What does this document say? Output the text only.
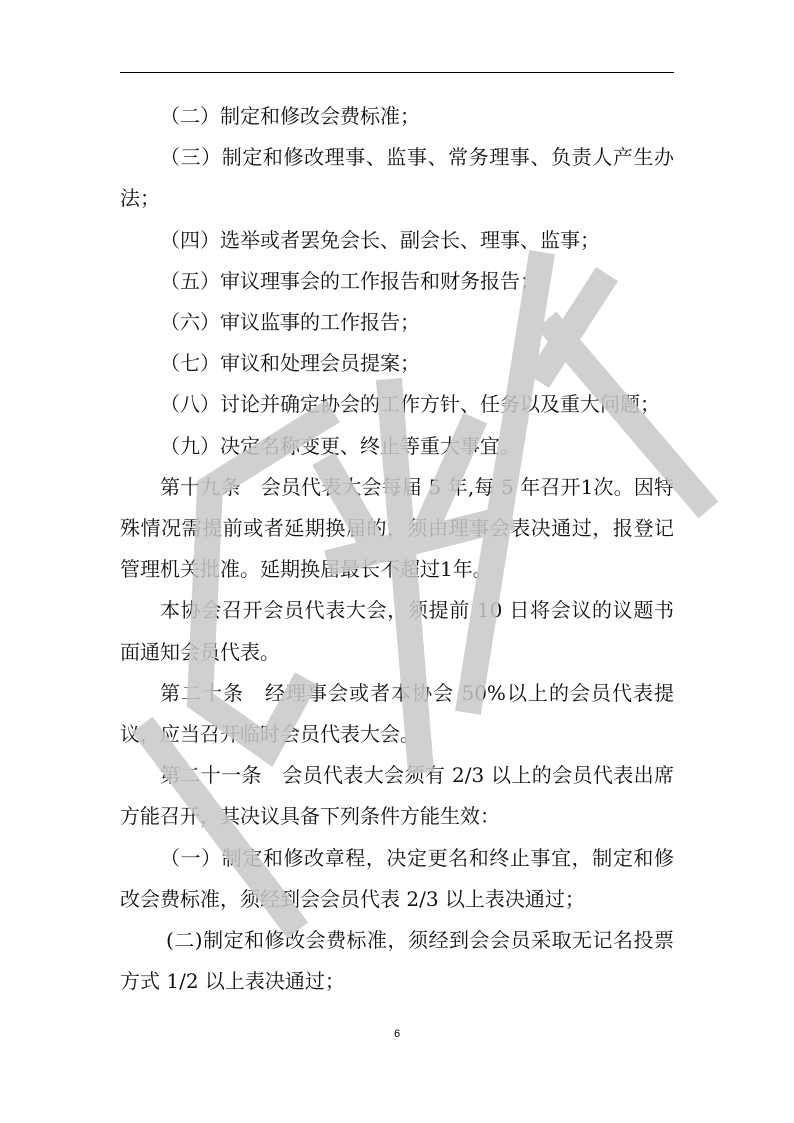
（二）制定和修改会费标准；

（三）制定和修改理事、监事、常务理事、负责人产生办法；

（四）选举或者罢免会长、副会长、理事、监事；

（五）审议理事会的工作报告和财务报告；

（六）审议监事的工作报告；

（七）审议和处理会员提案；

（八）讨论并确定协会的工作方针、任务以及重大问题；

（九）决定名称变更、终止等重大事宜。

第十九条　会员代表大会每届 5 年,每 5 年召开1次。因特殊情况需提前或者延期换届的，须由理事会表决通过，报登记管理机关批准。延期换届最长不超过1年。

本协会召开会员代表大会，须提前 10 日将会议的议题书面通知会员代表。

第二十条　经理事会或者本协会 50%以上的会员代表提议，应当召开临时会员代表大会。

第二十一条　会员代表大会须有 2/3 以上的会员代表出席方能召开，其决议具备下列条件方能生效：

（一）制定和修改章程，决定更名和终止事宜，制定和修改会费标准，须经到会会员代表 2/3 以上表决通过；

(二)制定和修改会费标准，须经到会会员采取无记名投票方式 1/2 以上表决通过；

6
